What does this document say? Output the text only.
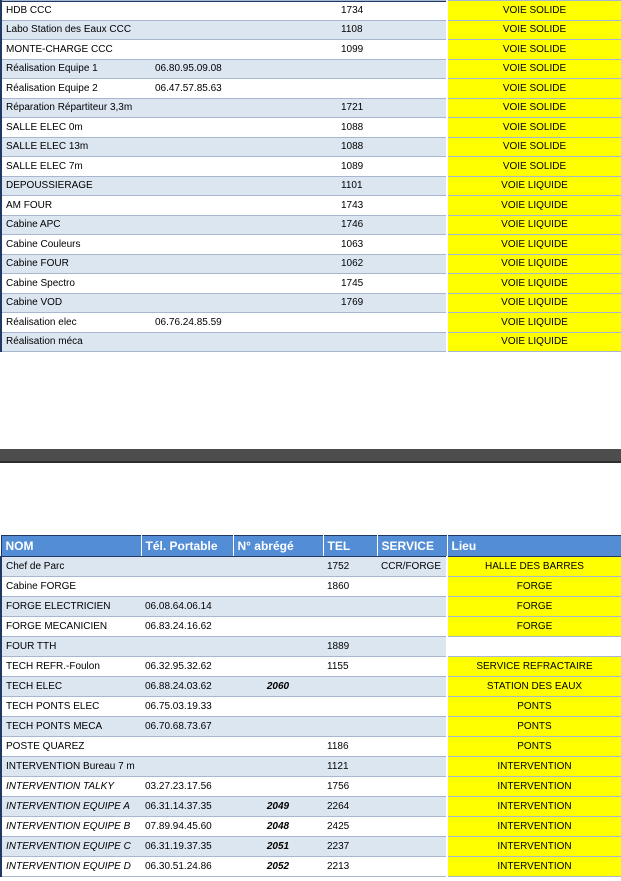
HDB CCC		1734	VOIE SOLIDE
Labo Station des Eaux CCC		1108	VOIE SOLIDE
MONTE-CHARGE CCC		1099	VOIE SOLIDE
Réalisation Equipe 1	06.80.95.09.08		VOIE SOLIDE
Réalisation Equipe 2	06.47.57.85.63		VOIE SOLIDE
Réparation Répartiteur 3,3m		1721	VOIE SOLIDE
SALLE ELEC 0m		1088	VOIE SOLIDE
SALLE ELEC 13m		1088	VOIE SOLIDE
SALLE ELEC 7m		1089	VOIE SOLIDE
DEPOUSSIERAGE		1101	VOIE LIQUIDE
AM FOUR		1743	VOIE LIQUIDE
Cabine APC		1746	VOIE LIQUIDE
Cabine Couleurs		1063	VOIE LIQUIDE
Cabine FOUR		1062	VOIE LIQUIDE
Cabine Spectro		1745	VOIE LIQUIDE
Cabine VOD		1769	VOIE LIQUIDE
Réalisation elec	06.76.24.85.59		VOIE LIQUIDE
Réalisation méca			VOIE LIQUIDE
NOM	Tél. Portable	N° abrégé	TEL	SERVICE	Lieu
Chef de Parc			1752	CCR/FORGE	HALLE DES BARRES
Cabine FORGE			1860		FORGE
FORGE ELECTRICIEN	06.08.64.06.14				FORGE
FORGE MECANICIEN	06.83.24.16.62				FORGE
FOUR TTH			1889		
TECH REFR.-Foulon	06.32.95.32.62		1155		SERVICE REFRACTAIRE
TECH ELEC	06.88.24.03.62	2060			STATION DES EAUX
TECH PONTS ELEC	06.75.03.19.33				PONTS
TECH PONTS MECA	06.70.68.73.67				PONTS
POSTE QUAREZ			1186		PONTS
INTERVENTION Bureau 7 m			1121		INTERVENTION
INTERVENTION TALKY	03.27.23.17.56		1756		INTERVENTION
INTERVENTION EQUIPE A	06.31.14.37.35	2049	2264		INTERVENTION
INTERVENTION EQUIPE B	07.89.94.45.60	2048	2425		INTERVENTION
INTERVENTION EQUIPE C	06.31.19.37.35	2051	2237		INTERVENTION
INTERVENTION EQUIPE D	06.30.51.24.86	2052	2213		INTERVENTION
